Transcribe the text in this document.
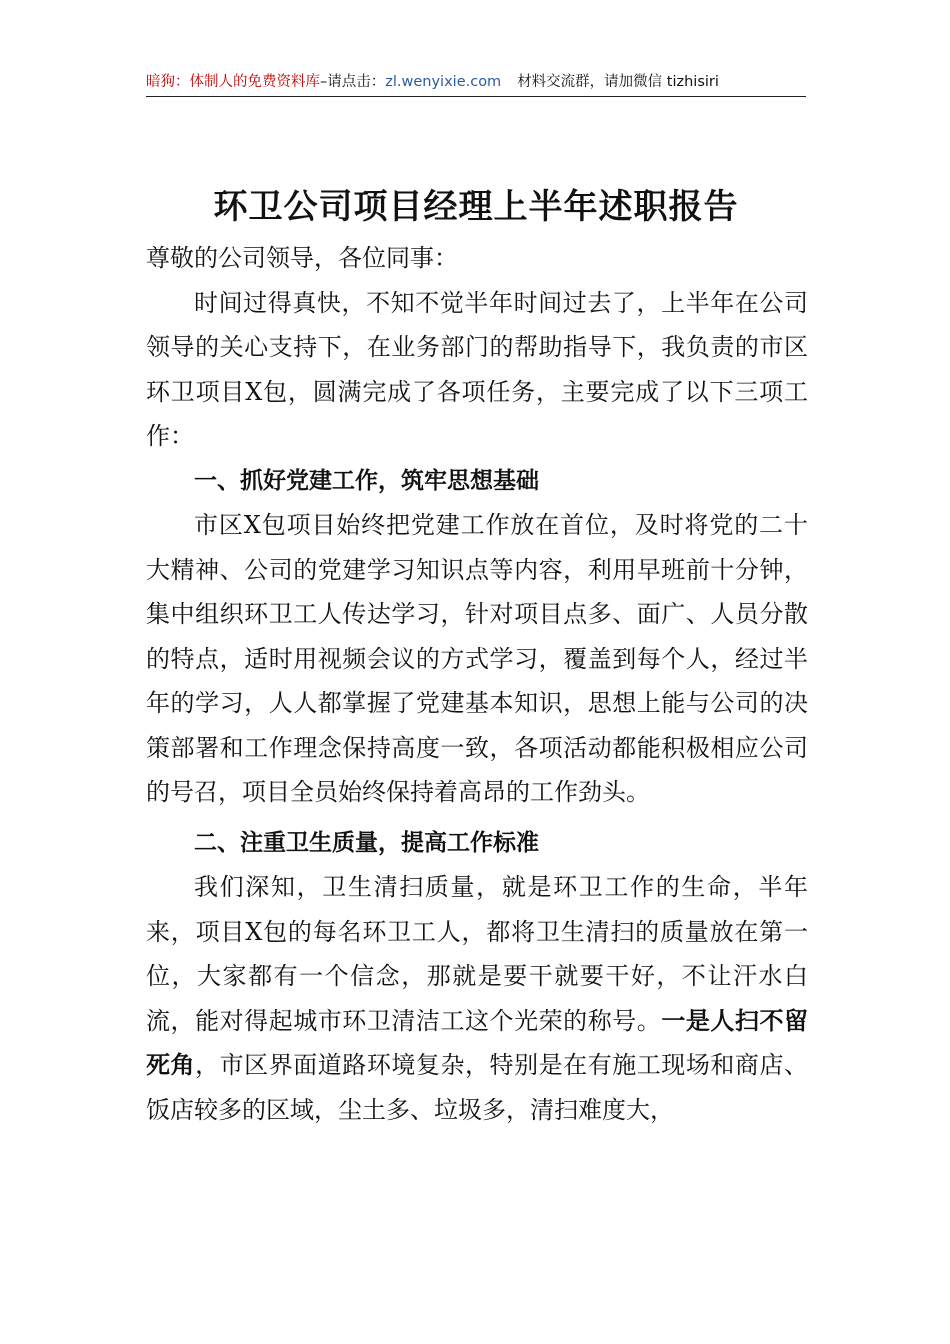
暗狗：体制人的免费资料库–请点击：zl.wenyixie.com 材料交流群，请加微信 tizhisiri
环卫公司项目经理上半年述职报告

尊敬的公司领导，各位同事：

时间过得真快，不知不觉半年时间过去了，上半年在公司领导的关心支持下，在业务部门的帮助指导下，我负责的市区环卫项目X包，圆满完成了各项任务，主要完成了以下三项工作：

一、抓好党建工作，筑牢思想基础

市区X包项目始终把党建工作放在首位，及时将党的二十大精神、公司的党建学习知识点等内容，利用早班前十分钟，集中组织环卫工人传达学习，针对项目点多、面广、人员分散的特点，适时用视频会议的方式学习，覆盖到每个人，经过半年的学习，人人都掌握了党建基本知识，思想上能与公司的决策部署和工作理念保持高度一致，各项活动都能积极相应公司的号召，项目全员始终保持着高昂的工作劲头。

二、注重卫生质量，提高工作标准

我们深知，卫生清扫质量，就是环卫工作的生命，半年来，项目X包的每名环卫工人，都将卫生清扫的质量放在第一位，大家都有一个信念，那就是要干就要干好，不让汗水白流，能对得起城市环卫清洁工这个光荣的称号。一是人扫不留死角，市区界面道路环境复杂，特别是在有施工现场和商店、饭店较多的区域，尘土多、垃圾多，清扫难度大，
